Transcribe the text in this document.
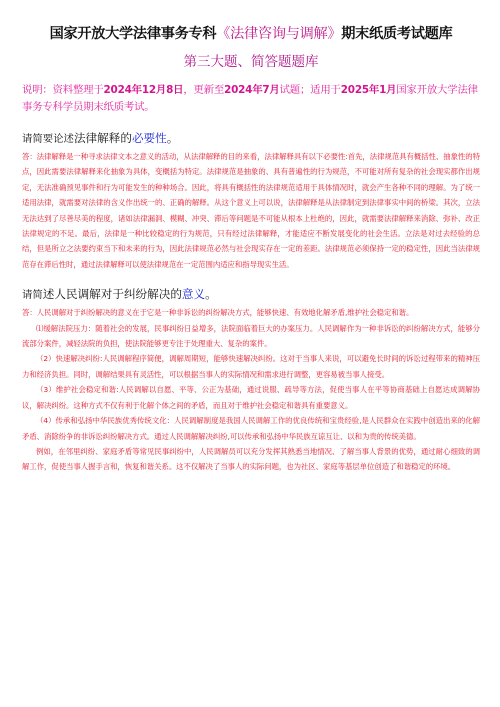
国家开放大学法律事务专科《法律咨询与调解》期末纸质考试题库
第三大题、简答题题库
说明：资料整理于2024年12月8日，更新至2024年7月试题；适用于2025年1月国家开放大学法律事务专科学员期末纸质考试。
请简要论述法律解释的必要性。

答：法律解释是一种寻求法律文本之意义的活动，从法律解释的目的来看，法律解释具有以下必要性:首先，法律规范具有概括性、抽象性的特点，因此需要法律解释来化抽象为具体，变概括为特定。法律规范是抽象的、具有普遍性的行为规范，不可能对所有复杂的社会现实都作出规定，无法准确预见事件和行为可能发生的种种场合。因此，将具有概括性的法律规范适用于具体情况时，就会产生各种不同的理解。为了统一适用法律，就需要对法律的含义作出统一的、正确的解释。从这个意义上可以说，法律解释是从法律制定到法律事实中间的桥梁。其次，立法无法达到了尽善尽美的程度，诸如法律漏洞、模糊、冲突、滞后等问题是不可能从根本上杜绝的，因此，就需要法律解释来消除、弥补、改正法律规定的不足。最后，法律是一种比较稳定的行为规范，只有经过法律解释，才能适应不断发展变化的社会生活。立法是对过去经验的总结，但是所立之法要约束当下和未来的行为，因此法律规范必然与社会现实存在一定的差距。法律规范必须保持一定的稳定性，因此当法律规范存在滞后性时，通过法律解释可以使法律规范在一定范围内适应和指导现实生活。

请简述人民调解对于纠纷解决的意义。

答：人民调解对于纠纷解决的意义在于它是一种非诉讼的纠纷解决方式，能够快速、有效地化解矛盾,维护社会稳定和谐。

⑴缓解法院压力：随着社会的发展，民事纠纷日益增多，法院面临着巨大的办案压力。人民调解作为一种非诉讼的纠纷解决方式，能够分流部分案件，减轻法院的负担，使法院能够更专注于处理重大、复杂的案件。

（2）快速解决纠纷:人民调解程序简便，调解周期短，能够快速解决纠纷。这对于当事人来说，可以避免长时间的诉讼过程带来的精神压力和经济负担。同时，调解结果具有灵活性，可以根据当事人的实际情况和需求进行调整，更容易被当事人接受。

（3）维护社会稳定和谐:人民调解以自愿、平等、公正为基础，通过说服、疏导等方法，促使当事人在平等协商基础上自愿达成调解协议，解决纠纷。这种方式不仅有利于化解个体之间的矛盾，而且对于维护社会稳定和谐具有重要意义。

（4）传承和弘扬中华民族优秀传统文化：人民调解制度是我国人民调解工作的优良传统和宝贵经验,是人民群众在实践中创造出来的化解矛盾、消除纷争的非诉讼纠纷解决方式。通过人民调解解决纠纷,可以传承和弘扬中华民族互谅互让、以和为贵的传统美德。

例如，在邻里纠纷、家庭矛盾等常见民事纠纷中，人民调解员可以充分发挥其熟悉当地情况、了解当事人背景的优势，通过耐心细致的调解工作，促使当事人握手言和，恢复和谐关系。这不仅解决了当事人的实际问题，也为社区、家庭等基层单位创造了和谐稳定的环境。
